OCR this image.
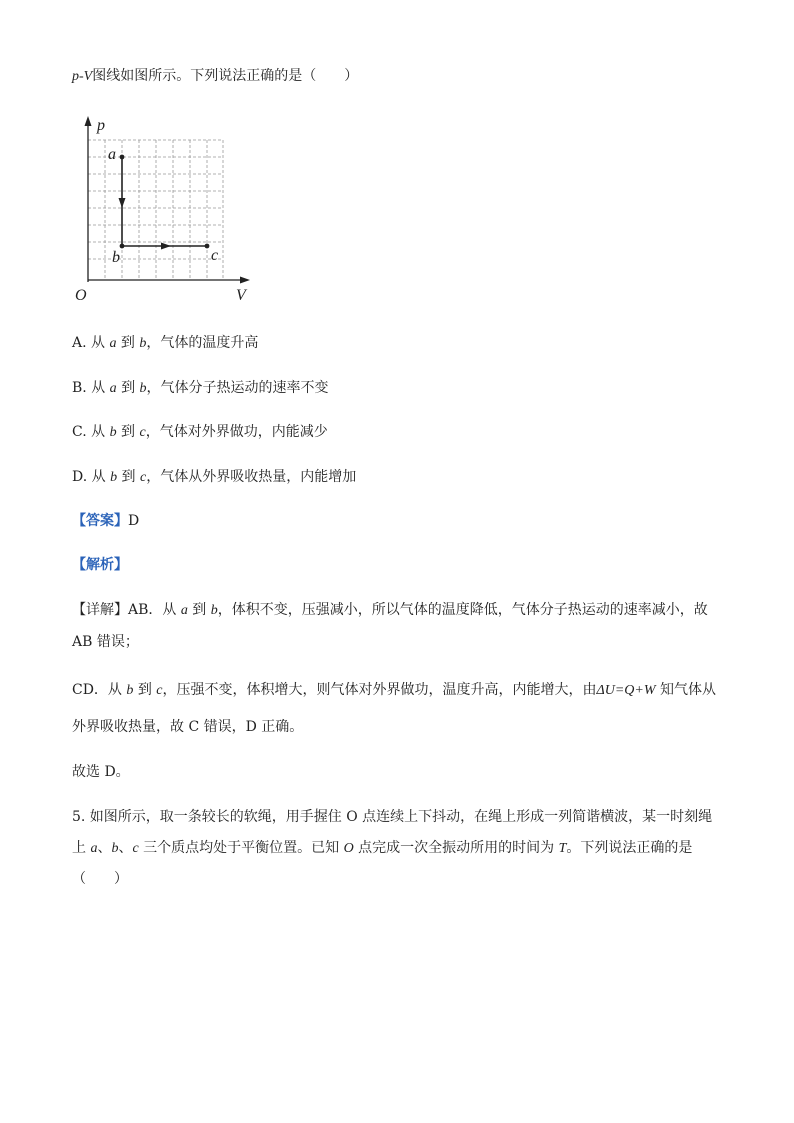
p-V图线如图所示。下列说法正确的是（　　）
p
V
O
a
b	c
A. 从 a 到 b，气体的温度升高
B. 从 a 到 b，气体分子热运动的速率不变
C. 从 b 到 c，气体对外界做功，内能减少
D. 从 b 到 c，气体从外界吸收热量，内能增加
【答案】D
【解析】
【详解】AB．从 a 到 b，体积不变，压强减小，所以气体的温度降低，气体分子热运动的速率减小，故
AB 错误；
CD．从 b 到 c，压强不变，体积增大，则气体对外界做功，温度升高，内能增大，由ΔU=Q+W 知气体从
外界吸收热量，故 C 错误，D 正确。
故选 D。
5. 如图所示，取一条较长的软绳，用手握住 O 点连续上下抖动，在绳上形成一列简谐横波，某一时刻绳
上 a、b、c 三个质点均处于平衡位置。已知 O 点完成一次全振动所用的时间为 T。下列说法正确的是
（　　）
